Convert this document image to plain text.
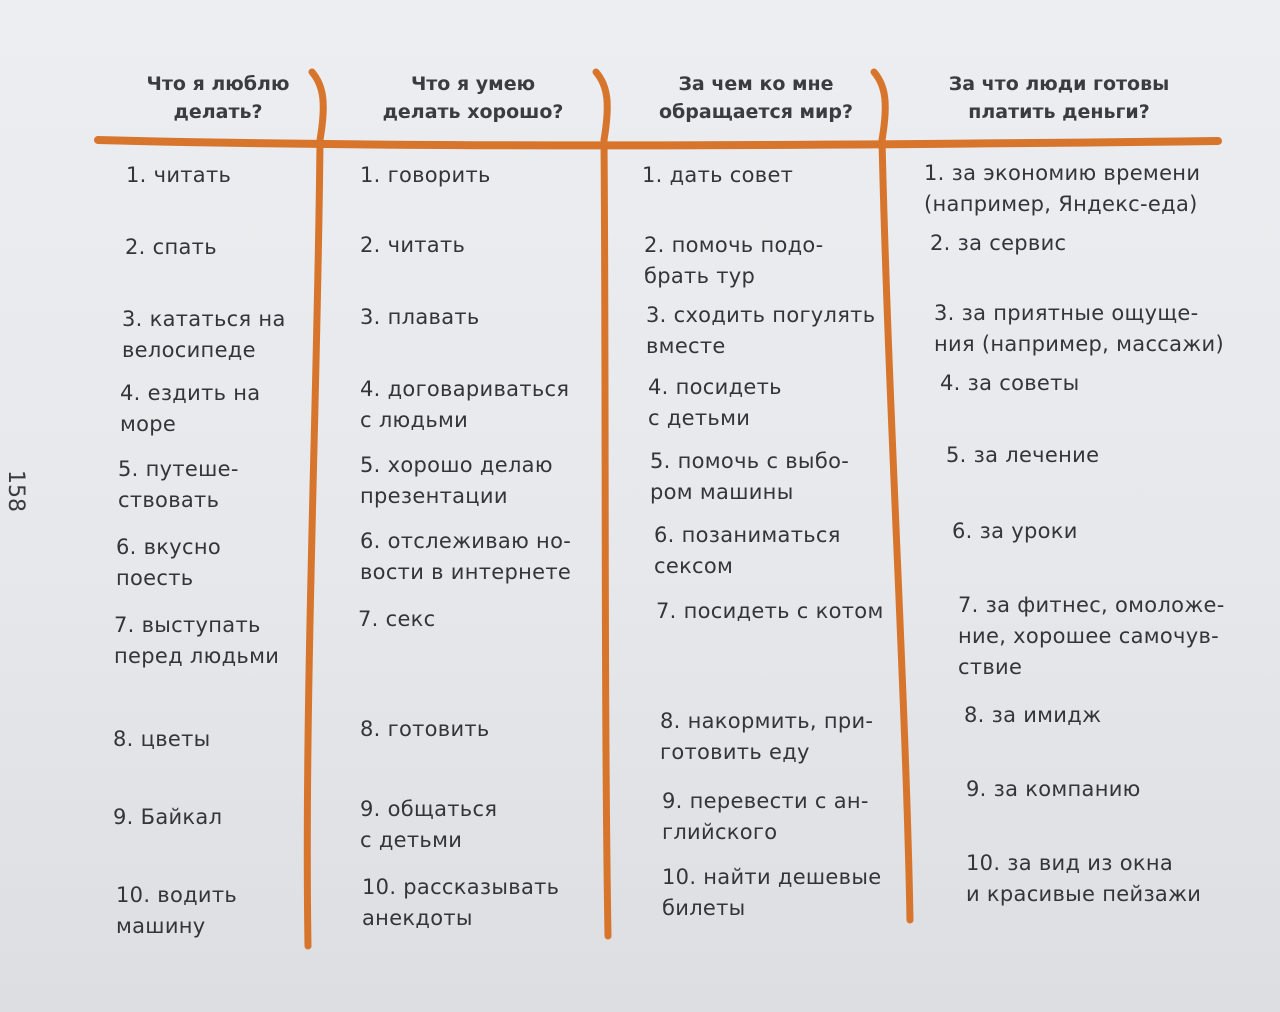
158
Что я люблю
делать?
Что я умею
делать хорошо?
За чем ко мне
обращается мир?
За что люди готовы
платить деньги?
1. читать
2. спать
3. кататься на
велосипеде
4. ездить на
море
5. путеше-
ствовать
6. вкусно
поесть
7. выступать
перед людьми
8. цветы
9. Байкал
10. водить
машину
1. говорить
2. читать
3. плавать
4. договариваться
с людьми
5. хорошо делаю
презентации
6. отслеживаю но-
вости в интернете
7. секс
8. готовить
9. общаться
с детьми
10. рассказывать
анекдоты
1. дать совет
2. помочь подо-
брать тур
3. сходить погулять
вместе
4. посидеть
с детьми
5. помочь с выбо-
ром машины
6. позаниматься
сексом
7. посидеть с котом
8. накормить, при-
готовить еду
9. перевести с ан-
глийского
10. найти дешевые
билеты
1. за экономию времени
(например, Яндекс-еда)
2. за сервис
3. за приятные ощуще-
ния (например, массажи)
4. за советы
5. за лечение
6. за уроки
7. за фитнес, омоложе-
ние, хорошее самочув-
ствие
8. за имидж
9. за компанию
10. за вид из окна
и красивые пейзажи
